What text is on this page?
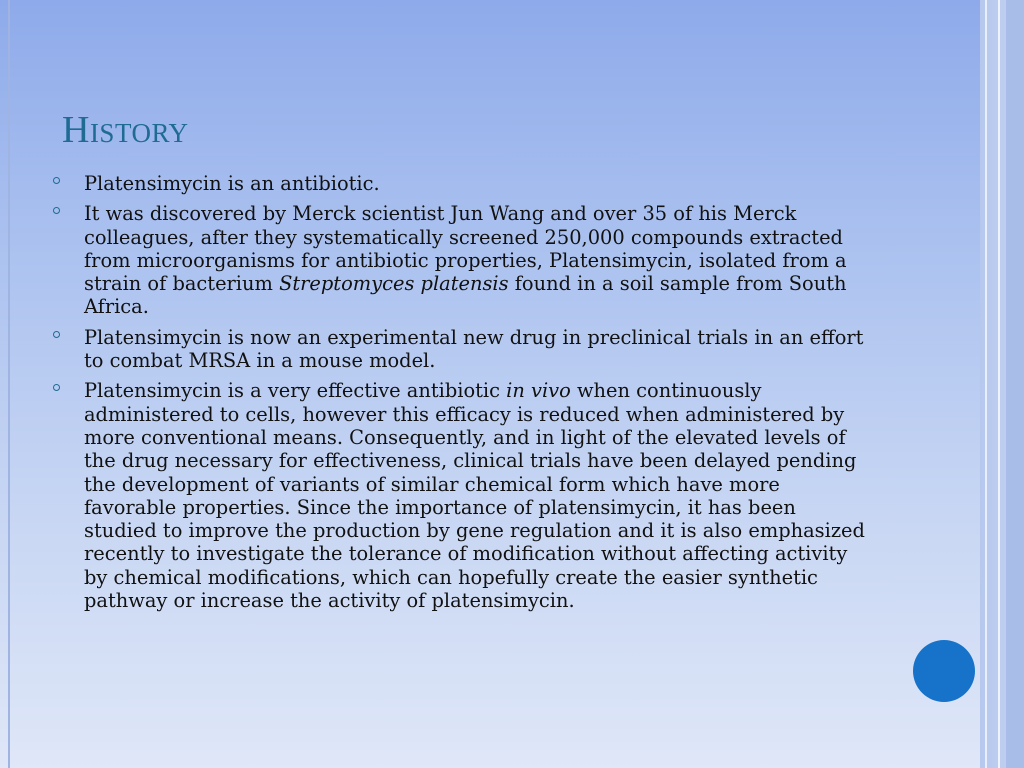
History
Platensimycin is an antibiotic.
It was discovered by Merck scientist Jun Wang and over 35 of his Merck colleagues, after they systematically screened 250,000 compounds extracted from microorganisms for antibiotic properties, Platensimycin, isolated from a strain of bacterium Streptomyces platensis found in a soil sample from South Africa.
Platensimycin is now an experimental new drug in preclinical trials in an effort to combat MRSA in a mouse model.
Platensimycin is a very effective antibiotic in vivo when continuously administered to cells, however this efficacy is reduced when administered by more conventional means. Consequently, and in light of the elevated levels of the drug necessary for effectiveness, clinical trials have been delayed pending the development of variants of similar chemical form which have more favorable properties. Since the importance of platensimycin, it has been studied to improve the production by gene regulation and it is also emphasized recently to investigate the tolerance of modification without affecting activity by chemical modifications, which can hopefully create the easier synthetic pathway or increase the activity of platensimycin.
